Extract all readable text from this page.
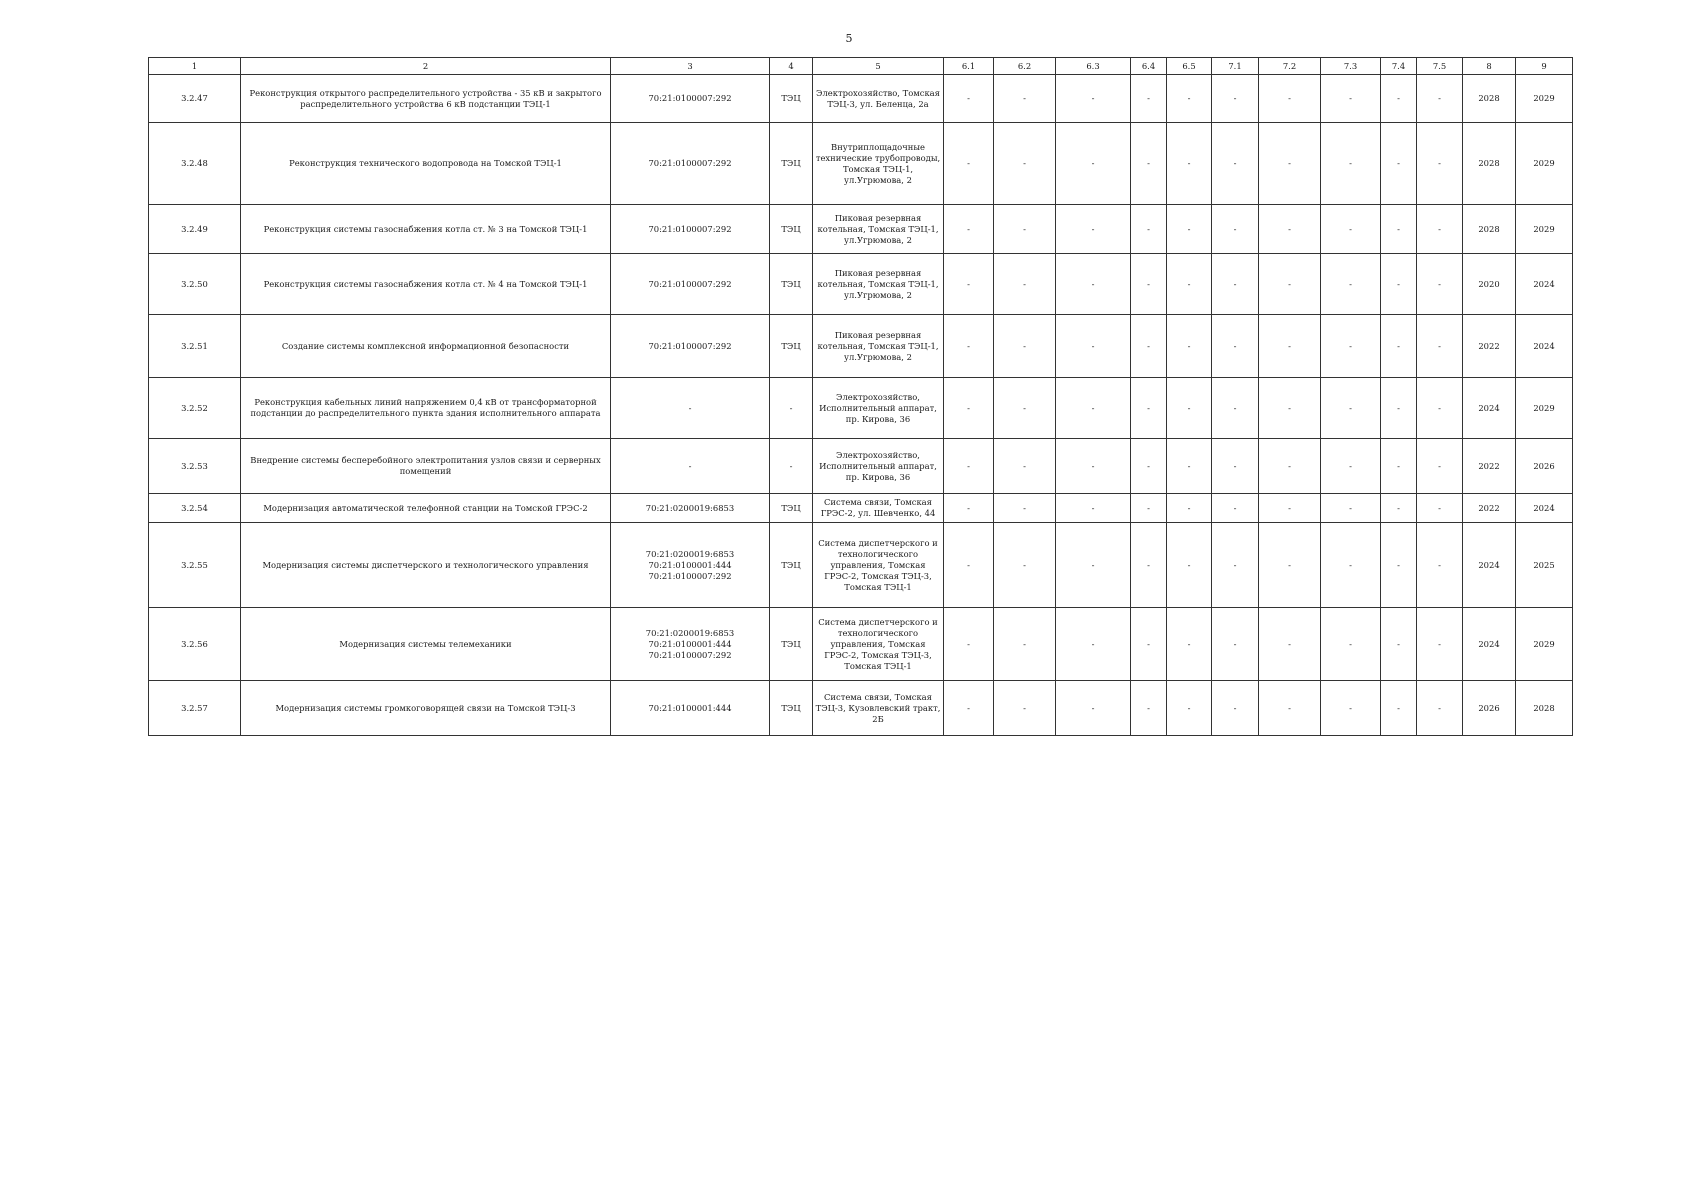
5
1	2	3	4	5	6.1	6.2	6.3	6.4	6.5	7.1	7.2	7.3	7.4	7.5	8	9
3.2.47	Реконструкция открытого распределительного устройства - 35 кВ и закрытого распределительного устройства 6 кВ подстанции ТЭЦ-1	70:21:0100007:292	ТЭЦ	Электрохозяйство, Томская ТЭЦ-3, ул. Беленца, 2а	-	-	-	-	-	-	-	-	-	-	2028	2029
3.2.48	Реконструкция технического водопровода на Томской ТЭЦ-1	70:21:0100007:292	ТЭЦ	Внутриплощадочные технические трубопроводы, Томская ТЭЦ-1, ул.Угрюмова, 2	-	-	-	-	-	-	-	-	-	-	2028	2029
3.2.49	Реконструкция системы газоснабжения котла ст. № 3 на Томской ТЭЦ-1	70:21:0100007:292	ТЭЦ	Пиковая резервная котельная, Томская ТЭЦ-1, ул.Угрюмова, 2	-	-	-	-	-	-	-	-	-	-	2028	2029
3.2.50	Реконструкция системы газоснабжения котла ст. № 4 на Томской ТЭЦ-1	70:21:0100007:292	ТЭЦ	Пиковая резервная котельная, Томская ТЭЦ-1, ул.Угрюмова, 2	-	-	-	-	-	-	-	-	-	-	2020	2024
3.2.51	Создание системы комплексной информационной безопасности	70:21:0100007:292	ТЭЦ	Пиковая резервная котельная, Томская ТЭЦ-1, ул.Угрюмова, 2	-	-	-	-	-	-	-	-	-	-	2022	2024
3.2.52	Реконструкция кабельных линий напряжением 0,4 кВ от трансформаторной подстанции до распределительного пункта здания исполнительного аппарата	-	-	Электрохозяйство, Исполнительный аппарат, пр. Кирова, 36	-	-	-	-	-	-	-	-	-	-	2024	2029
3.2.53	Внедрение системы бесперебойного электропитания узлов связи и серверных помещений	-	-	Электрохозяйство, Исполнительный аппарат, пр. Кирова, 36	-	-	-	-	-	-	-	-	-	-	2022	2026
3.2.54	Модернизация автоматической телефонной станции на Томской ГРЭС-2	70:21:0200019:6853	ТЭЦ	Система связи, Томская ГРЭС-2, ул. Шевченко, 44	-	-	-	-	-	-	-	-	-	-	2022	2024
3.2.55	Модернизация системы диспетчерского и технологического управления	70:21:0200019:6853
70:21:0100001:444
70:21:0100007:292	ТЭЦ	Система диспетчерского и технологического управления, Томская ГРЭС-2, Томская ТЭЦ-3, Томская ТЭЦ-1	-	-	-	-	-	-	-	-	-	-	2024	2025
3.2.56	Модернизация системы телемеханики	70:21:0200019:6853
70:21:0100001:444
70:21:0100007:292	ТЭЦ	Система диспетчерского и технологического управления, Томская ГРЭС-2, Томская ТЭЦ-3, Томская ТЭЦ-1	-	-	-	-	-	-	-	-	-	-	2024	2029
3.2.57	Модернизация системы громкоговорящей связи на Томской ТЭЦ-3	70:21:0100001:444	ТЭЦ	Система связи, Томская ТЭЦ-3, Кузовлевский тракт, 2Б	-	-	-	-	-	-	-	-	-	-	2026	2028
